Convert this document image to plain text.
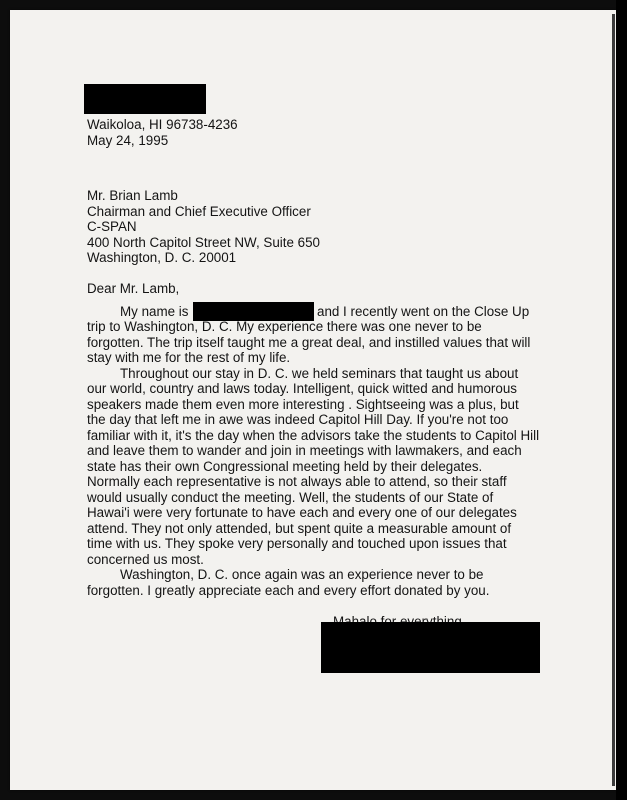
Waikoloa, HI 96738-4236
May 24, 1995
Mr. Brian Lamb
Chairman and Chief Executive Officer
C-SPAN
400 North Capitol Street NW, Suite 650
Washington, D. C. 20001
Dear Mr. Lamb,
My name is	and I recently went on the Close Up
trip to Washington, D. C. My experience there was one never to be
forgotten. The trip itself taught me a great deal, and instilled values that will
stay with me for the rest of my life.
Throughout our stay in D. C. we held seminars that taught us about
our world, country and laws today. Intelligent, quick witted and humorous
speakers made them even more interesting . Sightseeing was a plus, but
the day that left me in awe was indeed Capitol Hill Day. If you're not too
familiar with it, it's the day when the advisors take the students to Capitol Hill
and leave them to wander and join in meetings with lawmakers, and each
state has their own Congressional meeting held by their delegates.
Normally each representative is not always able to attend, so their staff
would usually conduct the meeting. Well, the students of our State of
Hawai'i were very fortunate to have each and every one of our delegates
attend. They not only attended, but spent quite a measurable amount of
time with us. They spoke very personally and touched upon issues that
concerned us most.
Washington, D. C. once again was an experience never to be
forgotten. I greatly appreciate each and every effort donated by you.
